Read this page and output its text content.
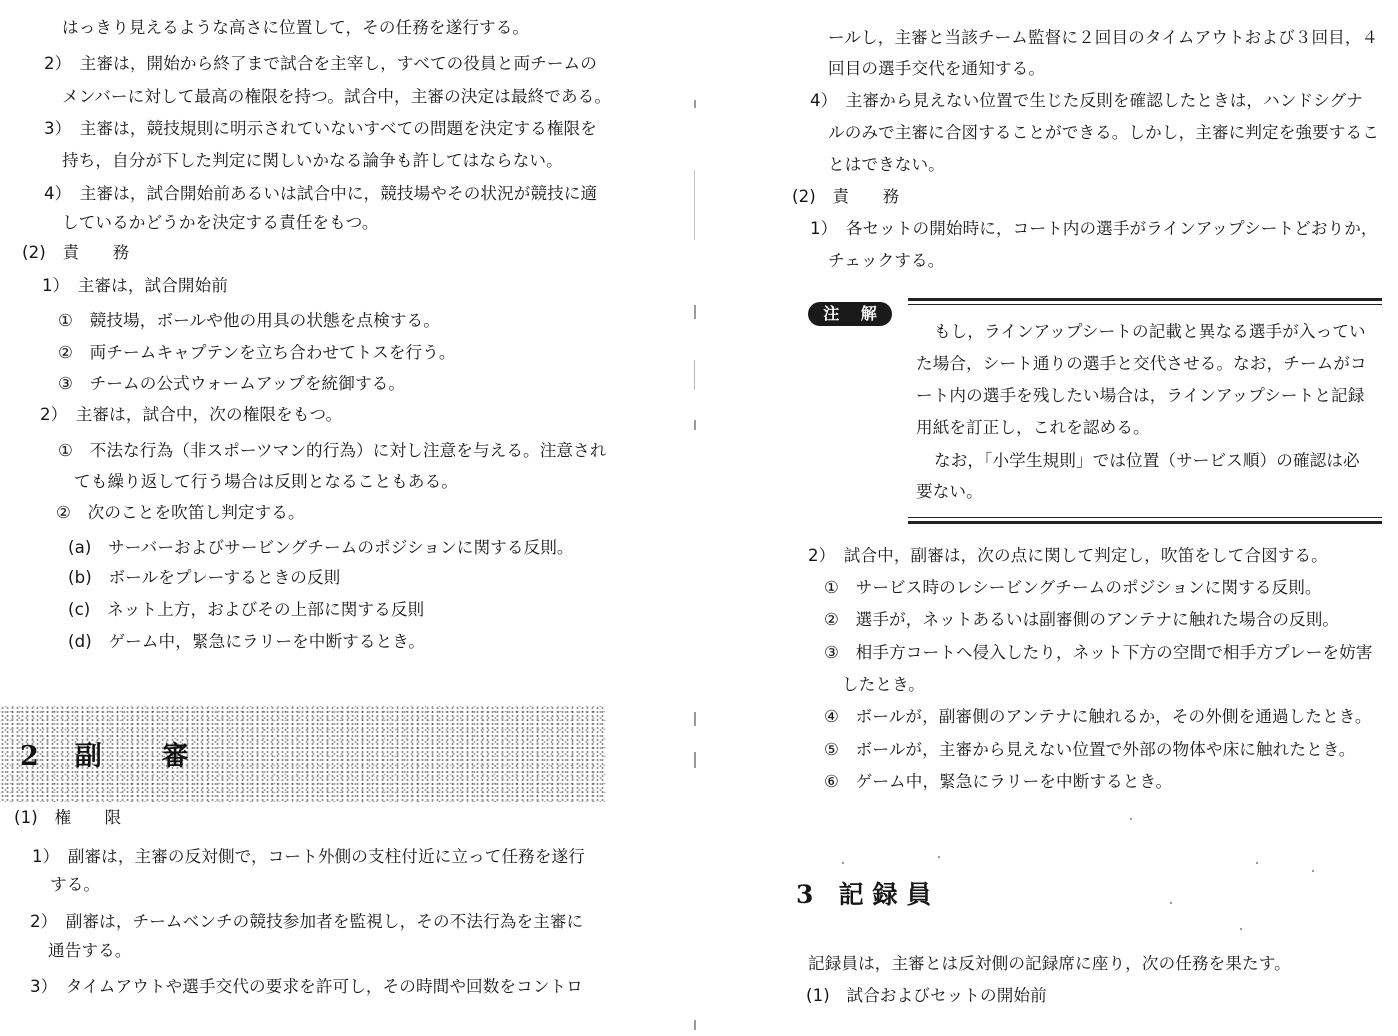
はっきり見えるような高さに位置して，その任務を遂行する。
2）　主審は，開始から終了まで試合を主宰し，すべての役員と両チームの
メンバーに対して最高の権限を持つ。試合中，主審の決定は最終である。
3）　主審は，競技規則に明示されていないすべての問題を決定する権限を
持ち，自分が下した判定に関しいかなる論争も許してはならない。
4）　主審は，試合開始前あるいは試合中に，競技場やその状況が競技に適
しているかどうかを決定する責任をもつ。
(2)　責　　務
1）　主審は，試合開始前
①　競技場，ボールや他の用具の状態を点検する。
②　両チームキャプテンを立ち合わせてトスを行う。
③　チームの公式ウォームアップを統御する。
2）　主審は，試合中，次の権限をもつ。
①　不法な行為（非スポーツマン的行為）に対し注意を与える。注意され
ても繰り返して行う場合は反則となることもある。
②　次のことを吹笛し判定する。
(a)　サーバーおよびサービングチームのポジションに関する反則。
(b)　ボールをプレーするときの反則
(c)　ネット上方，およびその上部に関する反則
(d)　ゲーム中，緊急にラリーを中断するとき。
2 副 審
(1)　権　　限
1）　副審は，主審の反対側で，コート外側の支柱付近に立って任務を遂行
する。
2）　副審は，チームベンチの競技参加者を監視し，その不法行為を主審に
通告する。
3）　タイムアウトや選手交代の要求を許可し，その時間や回数をコントロ
ールし，主審と当該チーム監督に２回目のタイムアウトおよび３回目，４
回目の選手交代を通知する。
4）　主審から見えない位置で生じた反則を確認したときは，ハンドシグナ
ルのみで主審に合図することができる。しかし，主審に判定を強要するこ
とはできない。
(2)　責　　務
1）　各セットの開始時に，コート内の選手がラインアップシートどおりか，
チェックする。
注 解
もし，ラインアップシートの記載と異なる選手が入ってい
た場合，シート通りの選手と交代させる。なお，チームがコ
ート内の選手を残したい場合は，ラインアップシートと記録
用紙を訂正し，これを認める。
なお，「小学生規則」では位置（サービス順）の確認は必
要ない。
2）　試合中，副審は，次の点に関して判定し，吹笛をして合図する。
①　サービス時のレシービングチームのポジションに関する反則。
②　選手が，ネットあるいは副審側のアンテナに触れた場合の反則。
③　相手方コートへ侵入したり，ネット下方の空間で相手方プレーを妨害
したとき。
④　ボールが，副審側のアンテナに触れるか，その外側を通過したとき。
⑤　ボールが，主審から見えない位置で外部の物体や床に触れたとき。
⑥　ゲーム中，緊急にラリーを中断するとき。
3　記 録 員
記録員は，主審とは反対側の記録席に座り，次の任務を果たす。
(1)　試合およびセットの開始前
